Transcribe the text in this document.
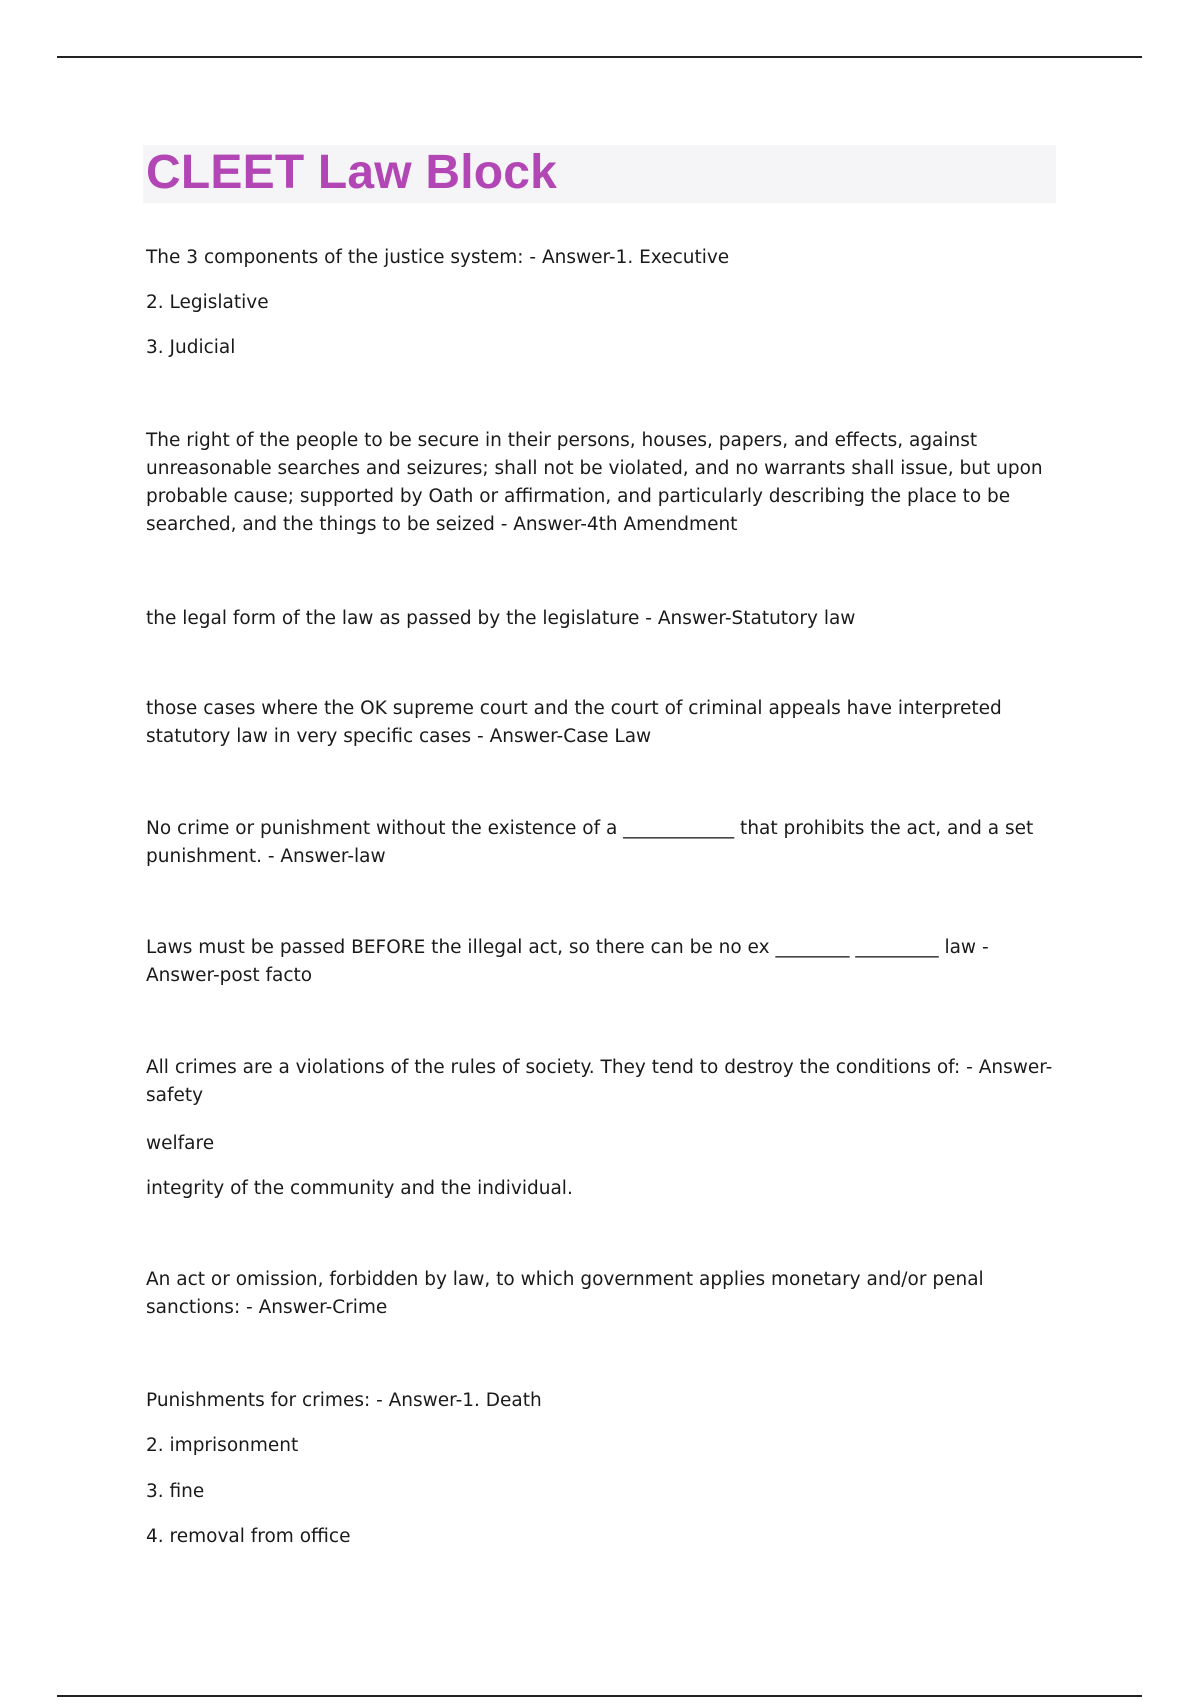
CLEET Law Block

The 3 components of the justice system: - Answer-1. Executive

2. Legislative

3. Judicial

The right of the people to be secure in their persons, houses, papers, and effects, against unreasonable searches and seizures; shall not be violated, and no warrants shall issue, but upon probable cause; supported by Oath or affirmation, and particularly describing the place to be searched, and the things to be seized - Answer-4th Amendment

the legal form of the law as passed by the legislature - Answer-Statutory law

those cases where the OK supreme court and the court of criminal appeals have interpreted statutory law in very specific cases - Answer-Case Law

No crime or punishment without the existence of a ____________ that prohibits the act, and a set punishment. - Answer-law

Laws must be passed BEFORE the illegal act, so there can be no ex ________ _________ law - Answer-post facto

All crimes are a violations of the rules of society. They tend to destroy the conditions of: - Answer-safety

welfare

integrity of the community and the individual.

An act or omission, forbidden by law, to which government applies monetary and/or penal sanctions: - Answer-Crime

Punishments for crimes: - Answer-1. Death

2. imprisonment

3. fine

4. removal from office
